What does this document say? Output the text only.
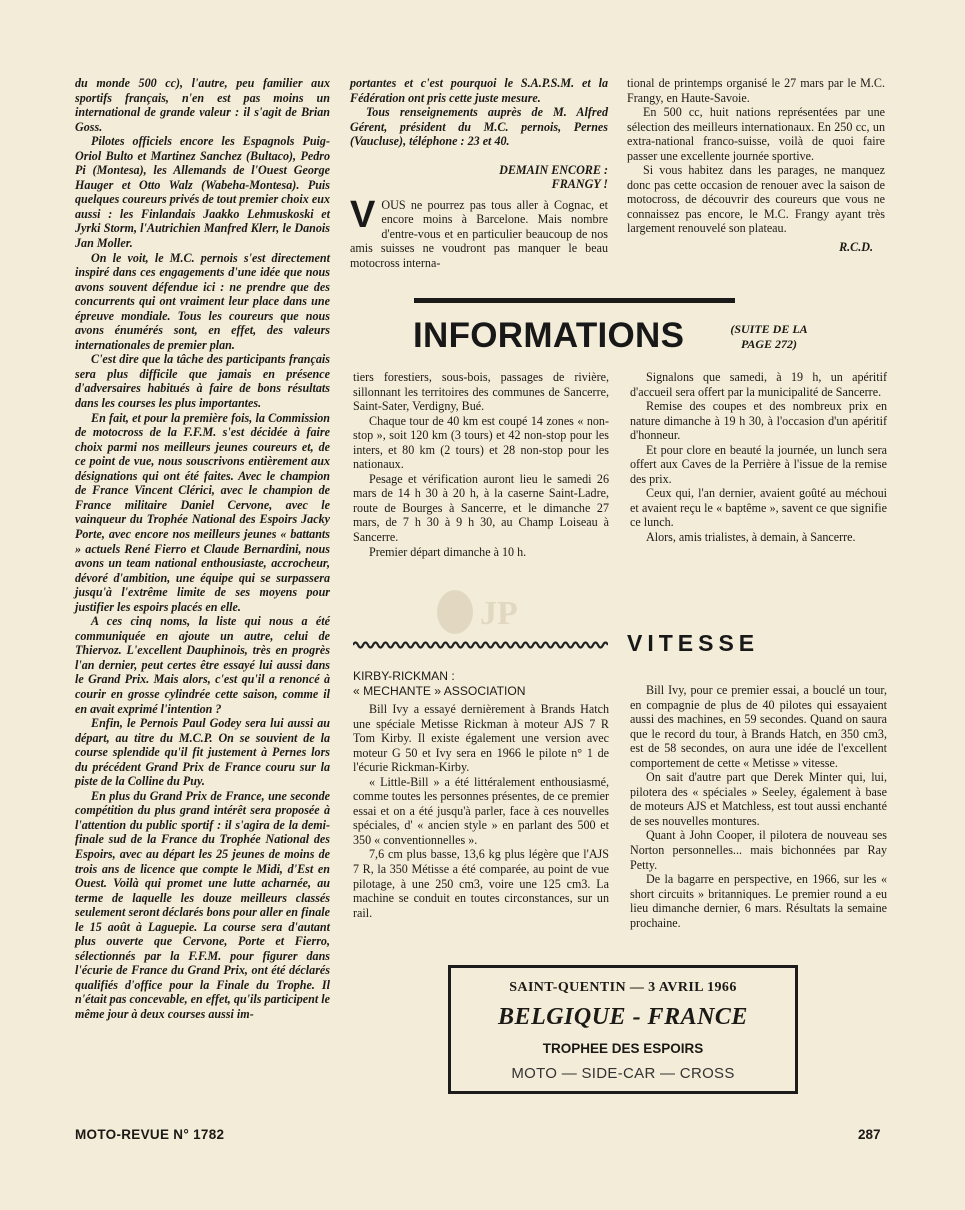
du monde 500 cc), l'autre, peu familier aux sportifs français, n'en est pas moins un international de grande valeur : il s'agit de Brian Goss.

Pilotes officiels encore les Espagnols Puig-Oriol Bulto et Martinez Sanchez (Bultaco), Pedro Pi (Montesa), les Allemands de l'Ouest George Hauger et Otto Walz (Wabeha-Montesa). Puis quelques coureurs privés de tout premier choix eux aussi : les Finlandais Jaakko Lehmuskoski et Jyrki Storm, l'Autrichien Manfred Klerr, le Danois Jan Moller.

On le voit, le M.C. pernois s'est directement inspiré dans ces engagements d'une idée que nous avons souvent défendue ici : ne prendre que des concurrents qui ont vraiment leur place dans une épreuve mondiale. Tous les coureurs que nous avons énumérés sont, en effet, des valeurs internationales de premier plan.

C'est dire que la tâche des participants français sera plus difficile que jamais en présence d'adversaires habitués à faire de bons résultats dans les courses les plus importantes.

En fait, et pour la première fois, la Commission de motocross de la F.F.M. s'est décidée à faire choix parmi nos meilleurs jeunes coureurs et, de ce point de vue, nous souscrivons entièrement aux désignations qui ont été faites. Avec le champion de France Vincent Clérici, avec le champion de France militaire Daniel Cervone, avec le vainqueur du Trophée National des Espoirs Jacky Porte, avec encore nos meilleurs jeunes « battants » actuels René Fierro et Claude Bernardini, nous avons un team national enthousiaste, accrocheur, dévoré d'ambition, une équipe qui se surpassera jusqu'à l'extrême limite de ses moyens pour justifier les espoirs placés en elle.

A ces cinq noms, la liste qui nous a été communiquée en ajoute un autre, celui de Thiervoz. L'excellent Dauphinois, très en progrès l'an dernier, peut certes être essayé lui aussi dans le Grand Prix. Mais alors, c'est qu'il a renoncé à courir en grosse cylindrée cette saison, comme il en avait exprimé l'intention ?

Enfin, le Pernois Paul Godey sera lui aussi au départ, au titre du M.C.P. On se souvient de la course splendide qu'il fit justement à Pernes lors du précédent Grand Prix de France couru sur la piste de la Colline du Puy.

En plus du Grand Prix de France, une seconde compétition du plus grand intérêt sera proposée à l'attention du public sportif : il s'agira de la demi-finale sud de la France du Trophée National des Espoirs, avec au départ les 25 jeunes de moins de trois ans de licence que compte le Midi, d'Est en Ouest. Voilà qui promet une lutte acharnée, au terme de laquelle les douze meilleurs classés seulement seront déclarés bons pour aller en finale le 15 août à Laguepie. La course sera d'autant plus ouverte que Cervone, Porte et Fierro, sélectionnés par la F.F.M. pour figurer dans l'écurie de France du Grand Prix, ont été déclarés qualifiés d'office pour la Finale du Trophe. Il n'était pas concevable, en effet, qu'ils participent le même jour à deux courses aussi im-

portantes et c'est pourquoi le S.A.P.S.M. et la Fédération ont pris cette juste mesure.

Tous renseignements auprès de M. Alfred Gérent, président du M.C. pernois, Pernes (Vaucluse), téléphone : 23 et 40.

DEMAIN ENCORE :
FRANGY !
V OUS ne pourrez pas tous aller à Cognac, et encore moins à Barcelone. Mais nombre d'entre-vous et en particulier beaucoup de nos amis suisses ne voudront pas manquer le beau motocross interna-

tional de printemps organisé le 27 mars par le M.C. Frangy, en Haute-Savoie.

En 500 cc, huit nations représentées par une sélection des meilleurs internationaux. En 250 cc, un extra-national franco-suisse, voilà de quoi faire passer une excellente journée sportive.

Si vous habitez dans les parages, ne manquez donc pas cette occasion de renouer avec la saison de motocross, de découvrir des coureurs que vous ne connaissez pas encore, le M.C. Frangy ayant très largement renouvelé son plateau.

R.C.D.
INFORMATIONS	(SUITE DE LA PAGE 272)

tiers forestiers, sous-bois, passages de rivière, sillonnant les territoires des communes de Sancerre, Saint-Sater, Verdigny, Bué.

Chaque tour de 40 km est coupé 14 zones « non-stop », soit 120 km (3 tours) et 42 non-stop pour les inters, et 80 km (2 tours) et 28 non-stop pour les nationaux.

Pesage et vérification auront lieu le samedi 26 mars de 14 h 30 à 20 h, à la caserne Saint-Ladre, route de Bourges à Sancerre, et le dimanche 27 mars, de 7 h 30 à 9 h 30, au Champ Loiseau à Sancerre.

Premier départ dimanche à 10 h.

Signalons que samedi, à 19 h, un apéritif d'accueil sera offert par la municipalité de Sancerre.

Remise des coupes et des nombreux prix en nature dimanche à 19 h 30, à l'occasion d'un apéritif d'honneur.

Et pour clore en beauté la journée, un lunch sera offert aux Caves de la Perrière à l'issue de la remise des prix.

Ceux qui, l'an dernier, avaient goûté au méchoui et avaient reçu le « baptême », savent ce que signifie ce lunch.

Alors, amis trialistes, à demain, à Sancerre.

JP
VITESSE
KIRBY-RICKMAN :
« MECHANTE » ASSOCIATION

Bill Ivy a essayé dernièrement à Brands Hatch une spéciale Metisse Rickman à moteur AJS 7 R Tom Kirby. Il existe également une version avec moteur G 50 et Ivy sera en 1966 le pilote n° 1 de l'écurie Rickman-Kirby.

« Little-Bill » a été littéralement enthousiasmé, comme toutes les personnes présentes, de ce premier essai et on a été jusqu'à parler, face à ces nouvelles spéciales, d' « ancien style » en parlant des 500 et 350 « conventionnelles ».

7,6 cm plus basse, 13,6 kg plus légère que l'AJS 7 R, la 350 Métisse a été comparée, au point de vue pilotage, à une 250 cm3, voire une 125 cm3. La machine se conduit en toutes circonstances, sur un rail.

Bill Ivy, pour ce premier essai, a bouclé un tour, en compagnie de plus de 40 pilotes qui essayaient aussi des machines, en 59 secondes. Quand on saura que le record du tour, à Brands Hatch, en 350 cm3, est de 58 secondes, on aura une idée de l'excellent comportement de cette « Metisse » vitesse.

On sait d'autre part que Derek Minter qui, lui, pilotera des « spéciales » Seeley, également à base de moteurs AJS et Matchless, est tout aussi enchanté de ses nouvelles montures.

Quant à John Cooper, il pilotera de nouveau ses Norton personnelles... mais bichonnées par Ray Petty.

De la bagarre en perspective, en 1966, sur les « short circuits » britanniques. Le premier round a eu lieu dimanche dernier, 6 mars. Résultats la semaine prochaine.

SAINT-QUENTIN — 3 AVRIL 1966
BELGIQUE - FRANCE
TROPHEE DES ESPOIRS
MOTO — SIDE-CAR — CROSS
MOTO-REVUE N° 1782	287
